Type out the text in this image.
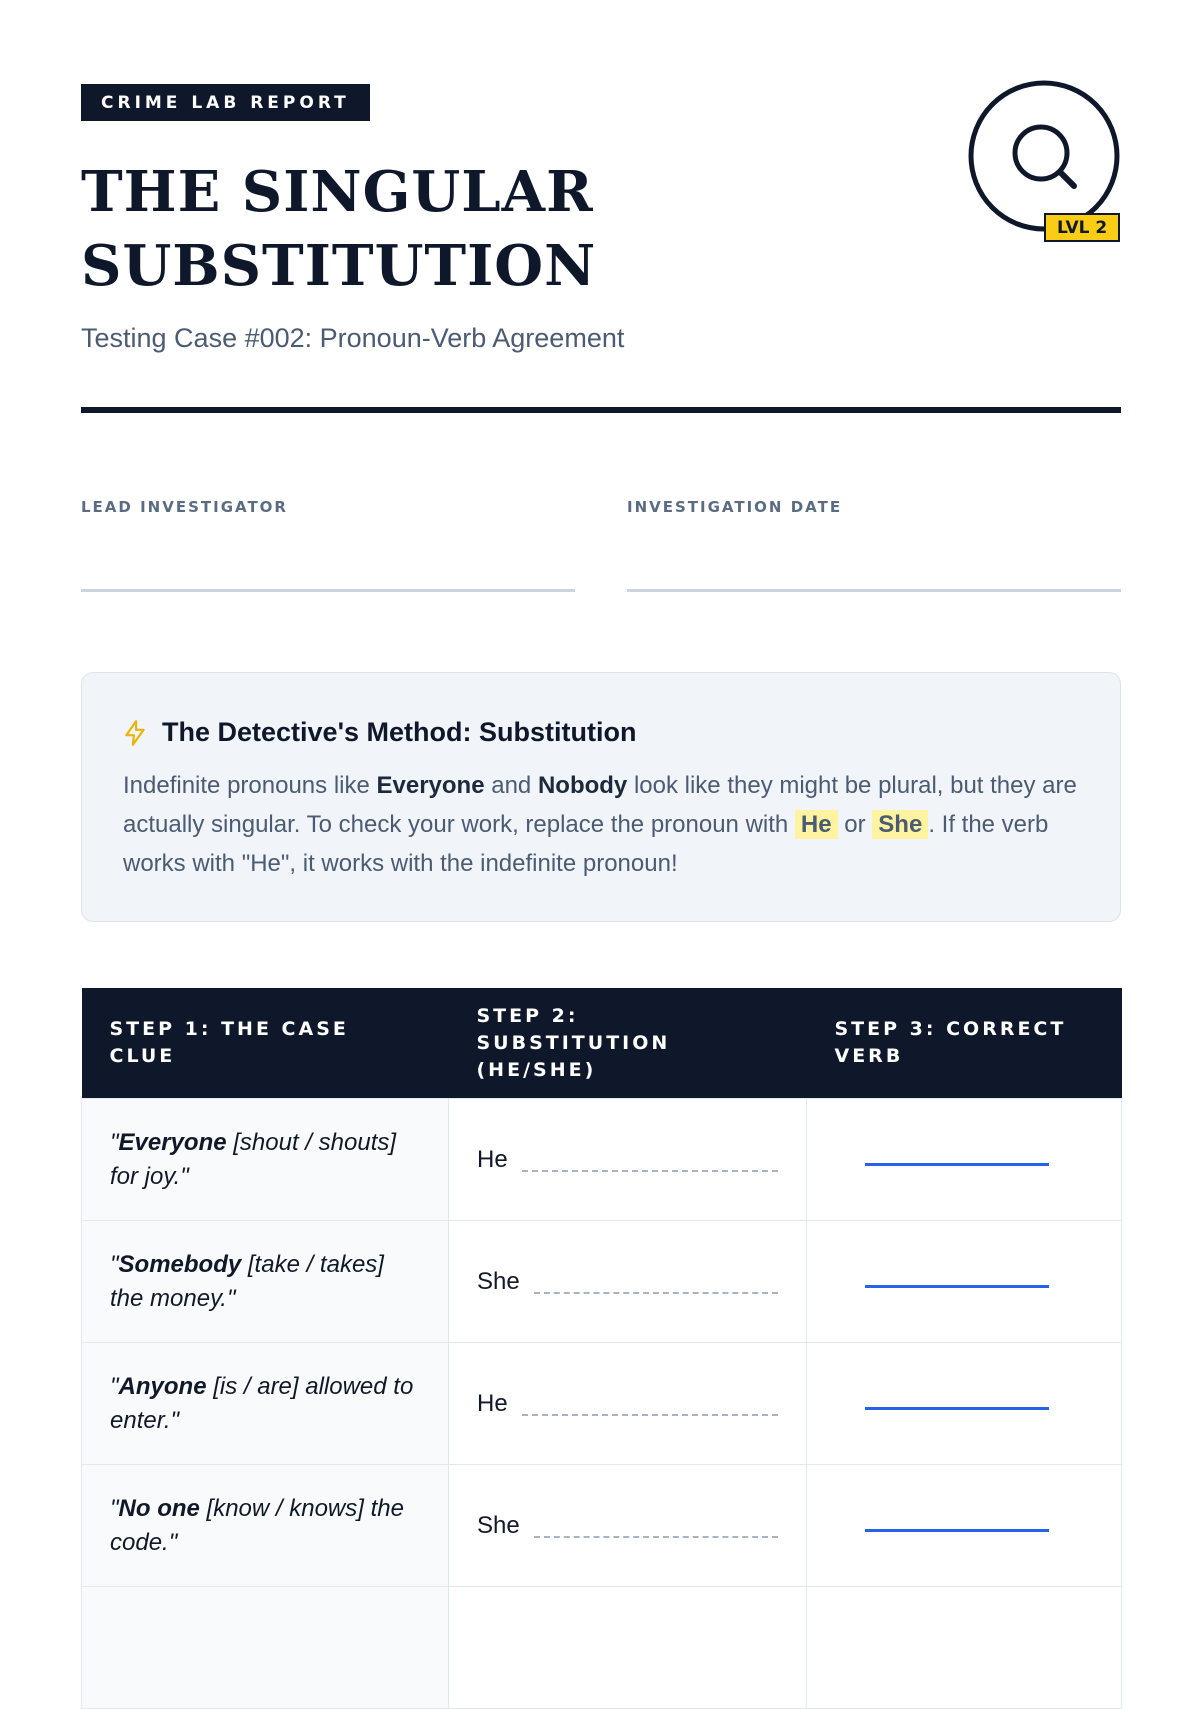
CRIME LAB REPORT
THE SINGULAR SUBSTITUTION
Testing Case #002: Pronoun-Verb Agreement
LVL 2
LEAD INVESTIGATOR	INVESTIGATION DATE
The Detective's Method: Substitution
Indefinite pronouns like Everyone and Nobody look like they might be plural, but they are actually singular. To check your work, replace the pronoun with He or She . If the verb works with "He", it works with the indefinite pronoun!
STEP 1: THE CASE CLUE	STEP 2: SUBSTITUTION (HE/SHE)	STEP 3: CORRECT VERB
"Everyone [shout / shouts] for joy."	He	

"Somebody [take / takes] the money."	She	

"Anyone [is / are] allowed to enter."	He	

"No one [know / knows] the code."	She	
